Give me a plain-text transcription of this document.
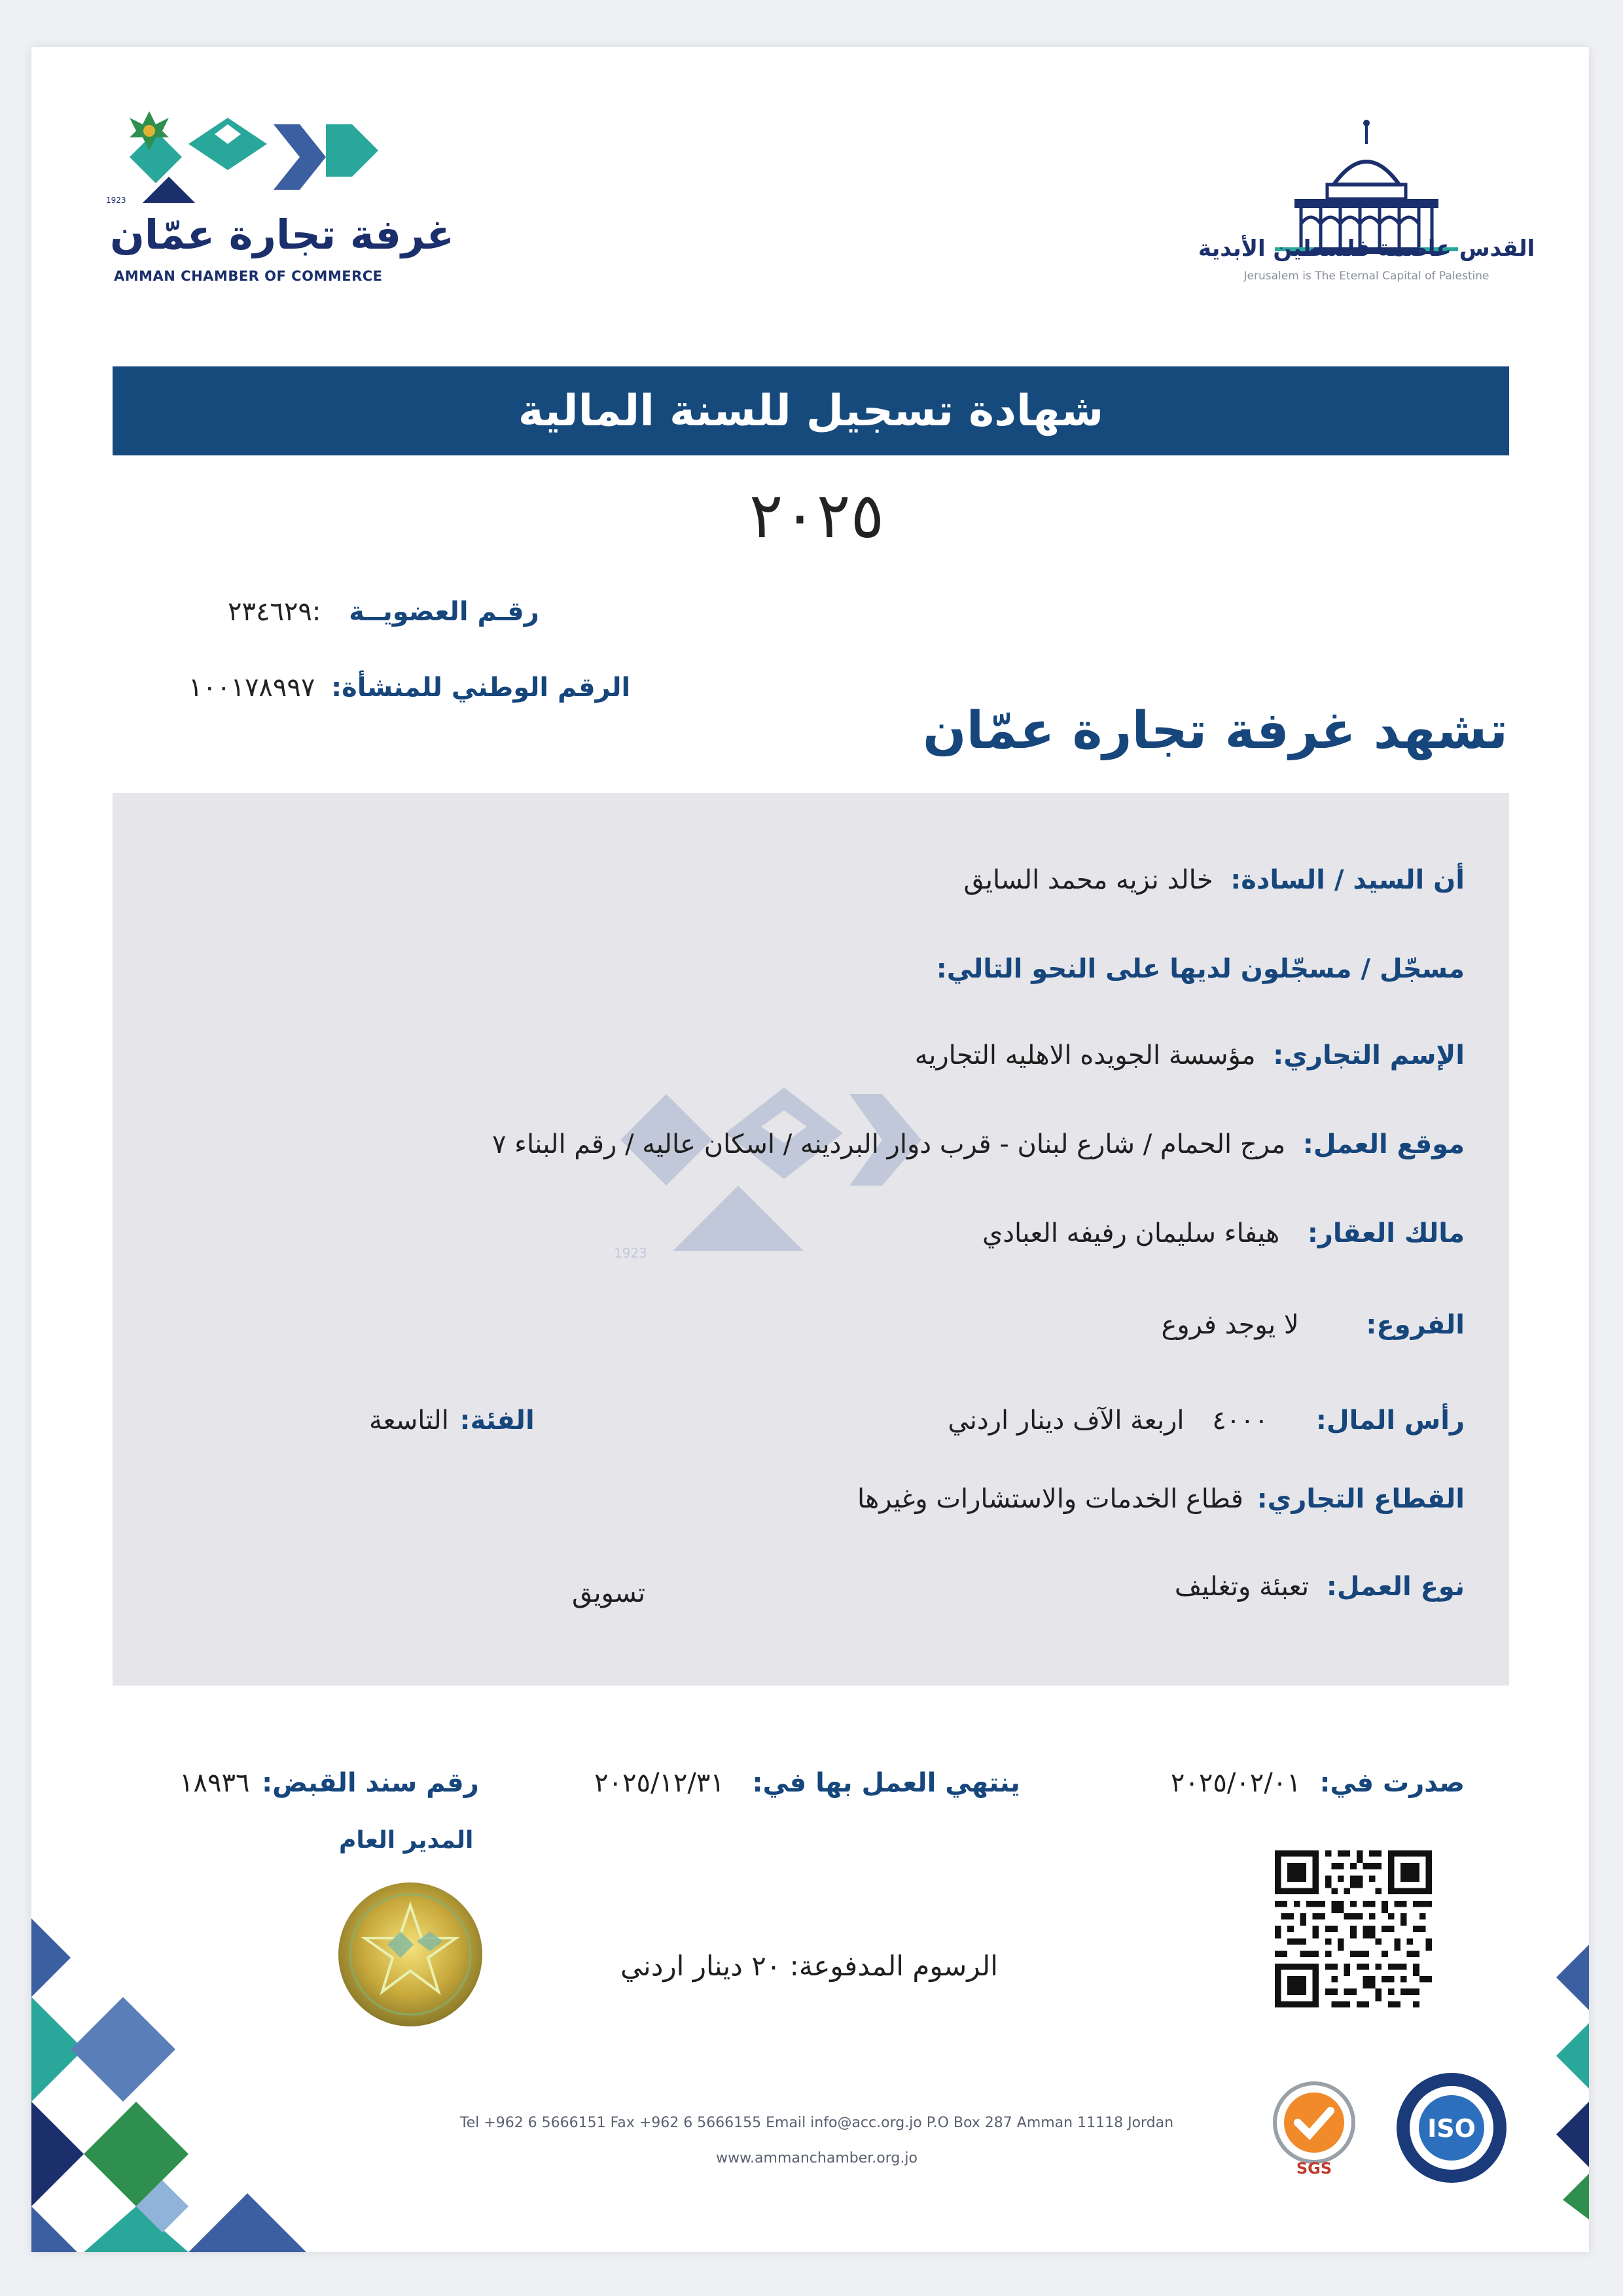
1923
غرفة تجارة عمّان
AMMAN CHAMBER OF COMMERCE
القدس عاصمة فلسطين الأبدية
Jerusalem is The Eternal Capital of Palestine
شهادة تسجيل للسنة المالية
٢٠٢٥
رقـم العضويــة :٢٣٤٦٢٩
الرقم الوطني للمنشأة: ١٠٠١٧٨٩٩٧
تشهد غرفة تجارة عمّان
1923
أن السيد / السادة: خالد نزيه محمد السايق
مسجّل / مسجّلون لديها على النحو التالي:
الإسم التجاري: مؤسسة الجويده الاهليه التجاريه
موقع العمل: مرج الحمام / شارع لبنان - قرب دوار البردينه / اسكان عاليه / رقم البناء ٧
مالك العقار: هيفاء سليمان رفيفه العبادي
الفروع: لا يوجد فروع
رأس المال: ٤٠٠٠ اربعة الآف دينار اردني
الفئة: التاسعة
القطاع التجاري: قطاع الخدمات والاستشارات وغيرها
نوع العمل: تعبئة وتغليف
تسويق
صدرت في: ٢٠٢٥/٠٢/٠١
ينتهي العمل بها في: ٢٠٢٥/١٢/٣١
رقم سند القبض: ١٨٩٣٦
المدير العام
الرسوم المدفوعة: ٢٠ دينار اردني
Tel +962 6 5666151 Fax +962 6 5666155 Email info@acc.org.jo P.O Box 287 Amman 11118 Jordan
www.ammanchamber.org.jo
SGS
ISO
